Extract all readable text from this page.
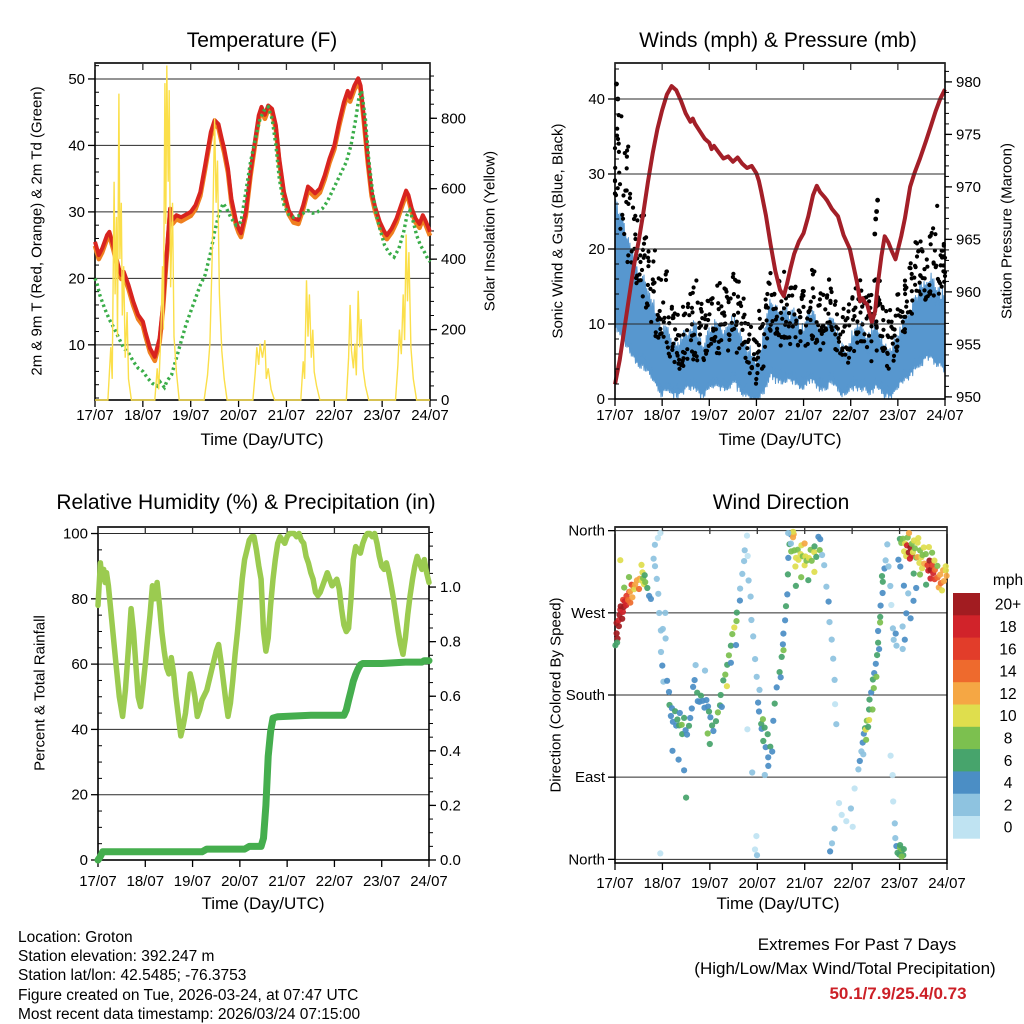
17/07 18/07 19/07 20/07 21/07 22/07 23/07 24/07
10
20
30
40
50
0
200
400
600
800
17/07 18/07 19/07 20/07 21/07 22/07 23/07 24/07
0
10
20
30
40
950
955
960
965
970
975
980
17/07 18/07 19/07 20/07 21/07 22/07 23/07 24/07
0
20
40
60
80
100
0.0
0.2
0.4
0.6
0.8
1.0
17/07 18/07 19/07 20/07 21/07 22/07 23/07 24/07
North
West
South
East
North
mph
20+
18
16
14
12
10
8
6
4
2
0
Temperature (F)	Winds (mph) & Pressure (mb)
Relative Humidity (%) & Precipitation (in)	Wind Direction
2m & 9m T (Red, Orange) & 2m Td (Green)	Solar Insolation (Yellow)	Sonic Wind & Gust (Blue, Black)	Station Pressure (Maroon)
Percent & Total Rainfall	Direction (Colored By Speed)
Time (Day/UTC)	Time (Day/UTC)
Time (Day/UTC)	Time (Day/UTC)
Location: Groton
Station elevation: 392.247 m
Station lat/lon: 42.5485; -76.3753
Figure created on Tue, 2026-03-24, at 07:47 UTC
Most recent data timestamp: 2026/03/24 07:15:00
Extremes For Past 7 Days
(High/Low/Max Wind/Total Precipitation)
50.1/7.9/25.4/0.73
